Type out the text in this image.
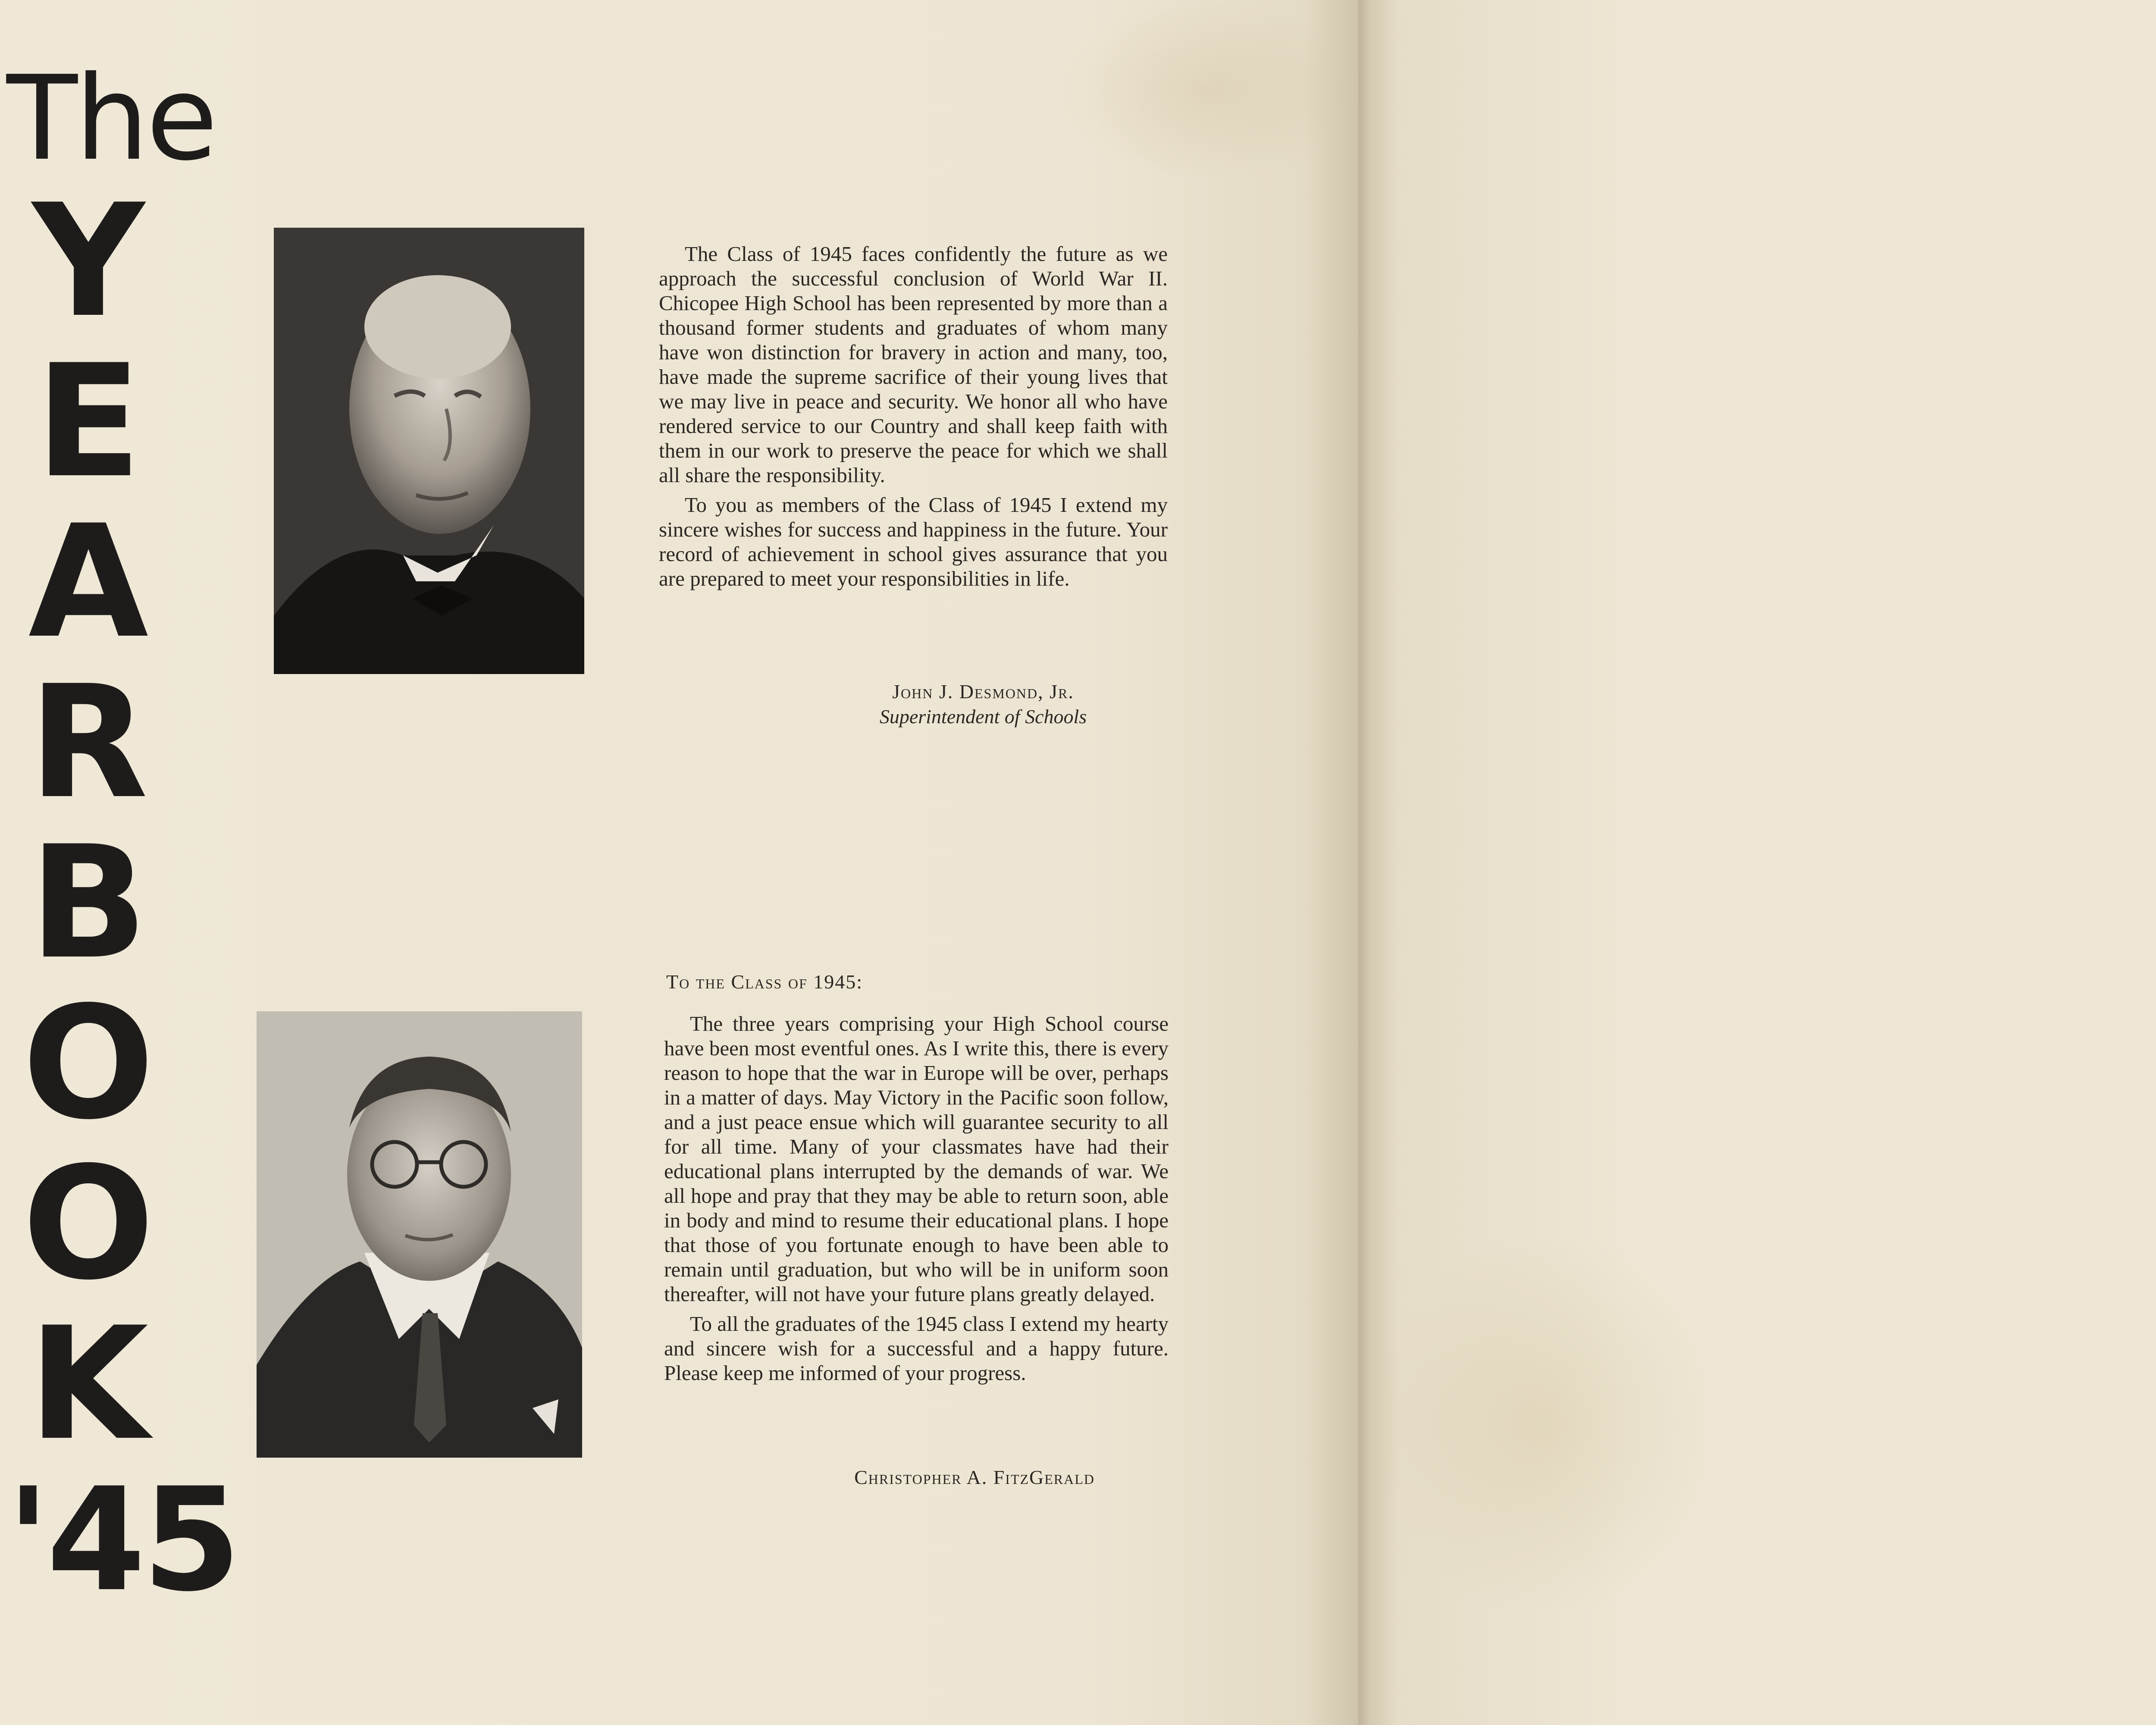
The
Y
E
A
R
B
O
O
K
'45

The Class of 1945 faces confidently the future as we approach the successful conclusion of World War II. Chicopee High School has been represented by more than a thousand former students and graduates of whom many have won distinction for bravery in action and many, too, have made the supreme sacrifice of their young lives that we may live in peace and security. We honor all who have rendered service to our Country and shall keep faith with them in our work to preserve the peace for which we shall all share the responsibility.

To you as members of the Class of 1945 I extend my sincere wishes for success and happiness in the future. Your record of achievement in school gives assurance that you are prepared to meet your responsibilities in life.

John J. Desmond, Jr.
Superintendent of Schools
To the Class of 1945:

The three years comprising your High School course have been most eventful ones. As I write this, there is every reason to hope that the war in Europe will be over, perhaps in a matter of days. May Victory in the Pacific soon follow, and a just peace ensue which will guarantee security to all for all time. Many of your classmates have had their educational plans interrupted by the demands of war. We all hope and pray that they may be able to return soon, able in body and mind to resume their educational plans. I hope that those of you fortunate enough to have been able to remain until graduation, but who will be in uniform soon thereafter, will not have your future plans greatly delayed.

To all the graduates of the 1945 class I extend my hearty and sincere wish for a successful and a happy future. Please keep me informed of your progress.

Christopher A. FitzGerald
